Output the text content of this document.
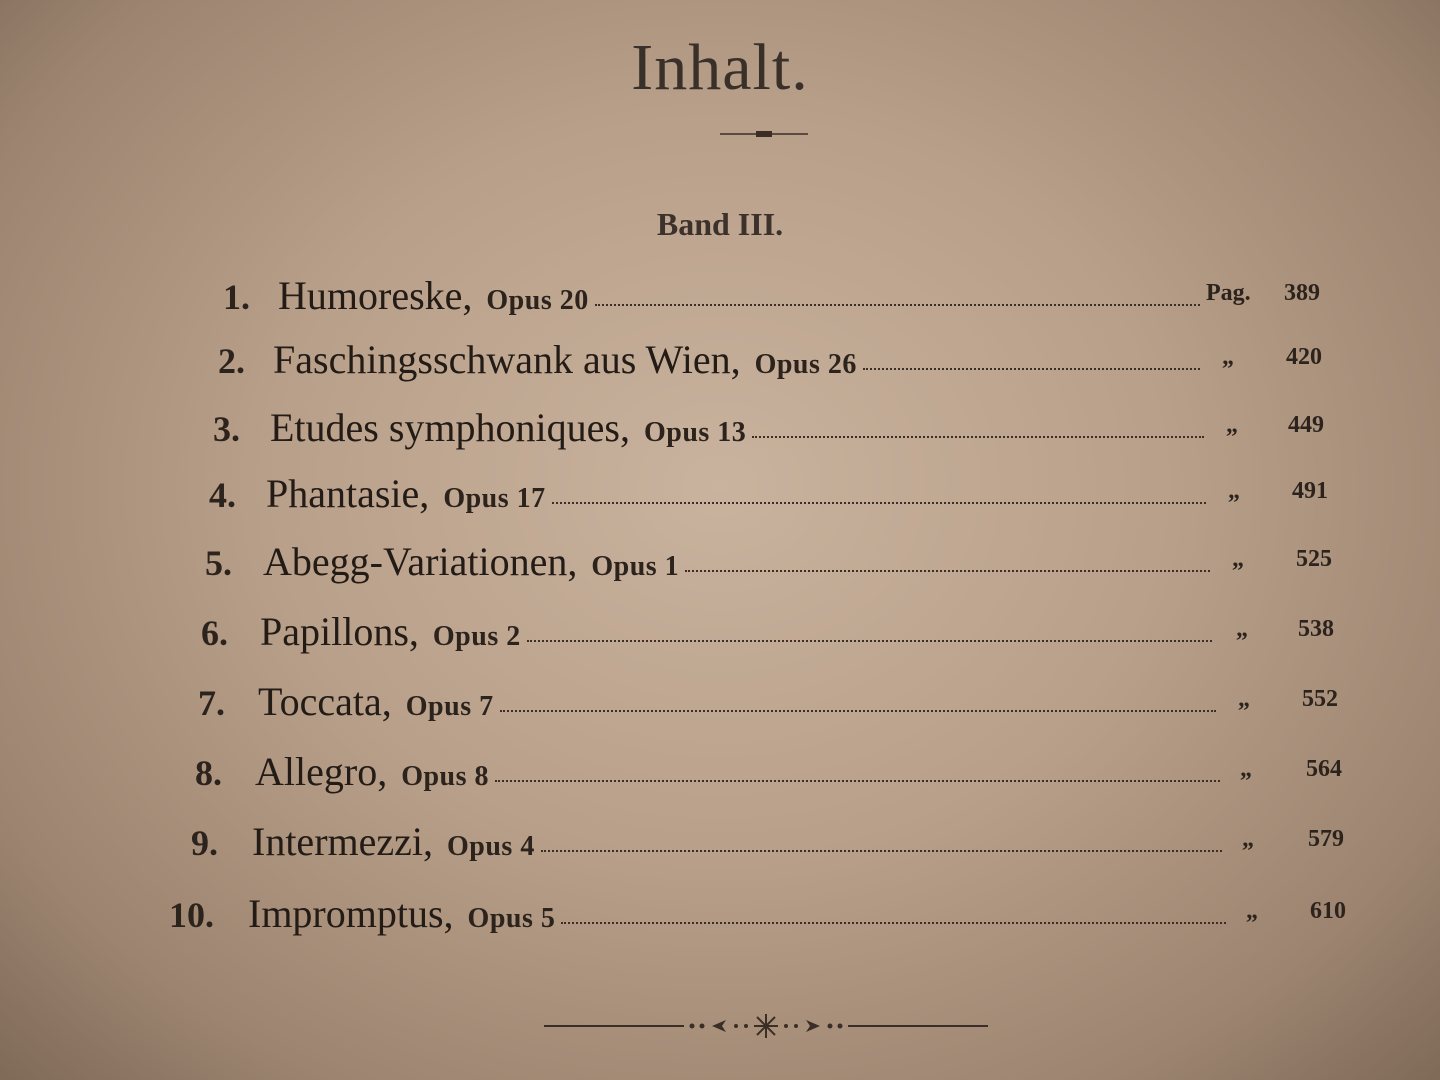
Inhalt.
Band III.
1. Humoreske, Opus 20	Pag. 389
2. Faschingsschwank aus Wien, Opus 26	„ 420
3. Etudes symphoniques, Opus 13	„ 449
4. Phantasie, Opus 17	„ 491
5. Abegg-Variationen, Opus 1	„ 525
6. Papillons, Opus 2	„ 538
7. Toccata, Opus 7	„ 552
8. Allegro, Opus 8	„ 564
9. Intermezzi, Opus 4	„ 579
10. Impromptus, Opus 5	„ 610
